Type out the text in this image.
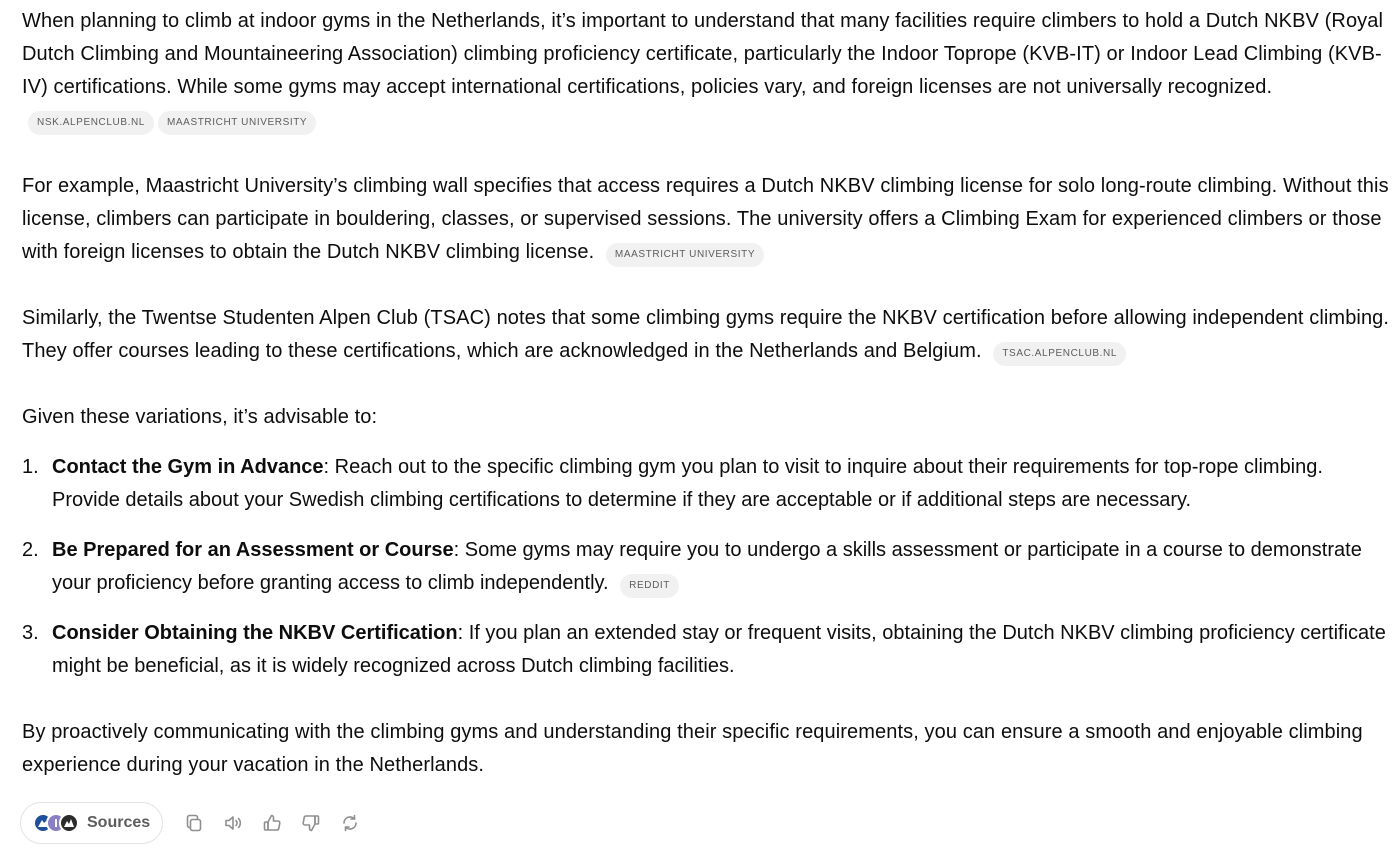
When planning to climb at indoor gyms in the Netherlands, it’s important to understand that many facilities require climbers to hold a Dutch NKBV (Royal Dutch Climbing and Mountaineering Association) climbing proficiency certificate, particularly the Indoor Toprope (KVB-IT) or Indoor Lead Climbing (KVB-IV) certifications. While some gyms may accept international certifications, policies vary, and foreign licenses are not universally recognized. NSK.ALPENCLUB.NL MAASTRICHT UNIVERSITY

For example, Maastricht University’s climbing wall specifies that access requires a Dutch NKBV climbing license for solo long-route climbing. Without this license, climbers can participate in bouldering, classes, or supervised sessions. The university offers a Climbing Exam for experienced climbers or those with foreign licenses to obtain the Dutch NKBV climbing license. MAASTRICHT UNIVERSITY

Similarly, the Twentse Studenten Alpen Club (TSAC) notes that some climbing gyms require the NKBV certification before allowing independent climbing. They offer courses leading to these certifications, which are acknowledged in the Netherlands and Belgium. TSAC.ALPENCLUB.NL

Given these variations, it’s advisable to:

1. Contact the Gym in Advance: Reach out to the specific climbing gym you plan to visit to inquire about their requirements for top-rope climbing. Provide details about your Swedish climbing certifications to determine if they are acceptable or if additional steps are necessary.
2. Be Prepared for an Assessment or Course: Some gyms may require you to undergo a skills assessment or participate in a course to demonstrate your proficiency before granting access to climb independently. REDDIT
3. Consider Obtaining the NKBV Certification: If you plan an extended stay or frequent visits, obtaining the Dutch NKBV climbing proficiency certificate might be beneficial, as it is widely recognized across Dutch climbing facilities.

By proactively communicating with the climbing gyms and understanding their specific requirements, you can ensure a smooth and enjoyable climbing experience during your vacation in the Netherlands.

Sources
